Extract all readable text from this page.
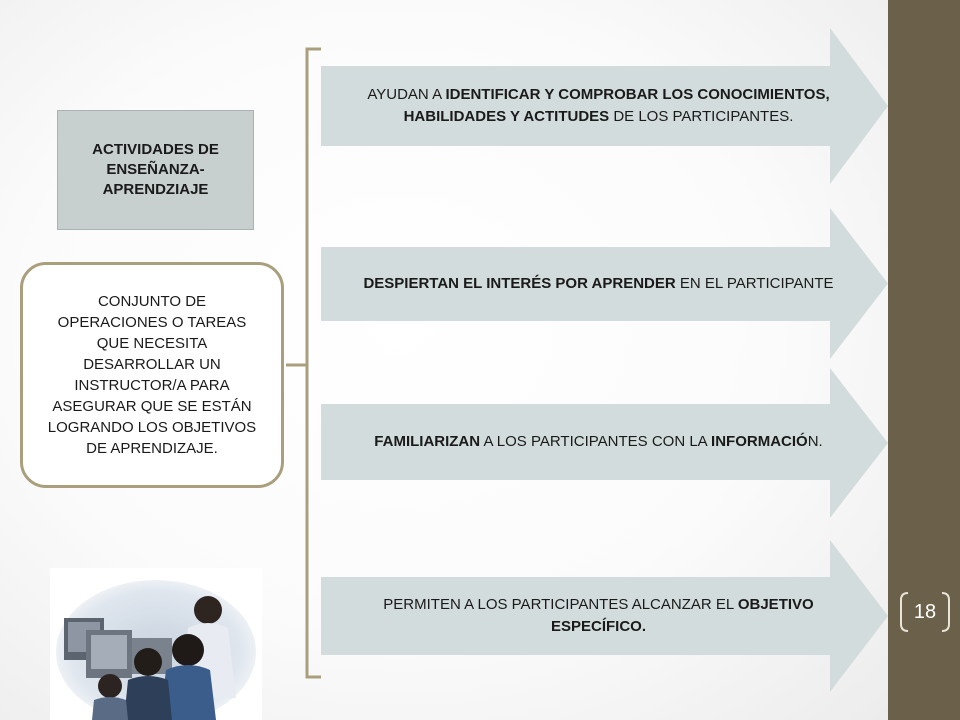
18
ACTIVIDADES DE ENSEÑANZA-APRENDZIAJE
CONJUNTO DE OPERACIONES O TAREAS QUE NECESITA DESARROLLAR UN INSTRUCTOR/A PARA ASEGURAR QUE SE ESTÁN LOGRANDO LOS OBJETIVOS DE APRENDIZAJE.
AYUDAN A IDENTIFICAR Y COMPROBAR LOS CONOCIMIENTOS, HABILIDADES Y ACTITUDES DE LOS PARTICIPANTES.
DESPIERTAN EL INTERÉS POR APRENDER EN EL PARTICIPANTE
FAMILIARIZAN A LOS PARTICIPANTES CON LA INFORMACIÓN.
PERMITEN A LOS PARTICIPANTES ALCANZAR EL OBJETIVO ESPECÍFICO.
